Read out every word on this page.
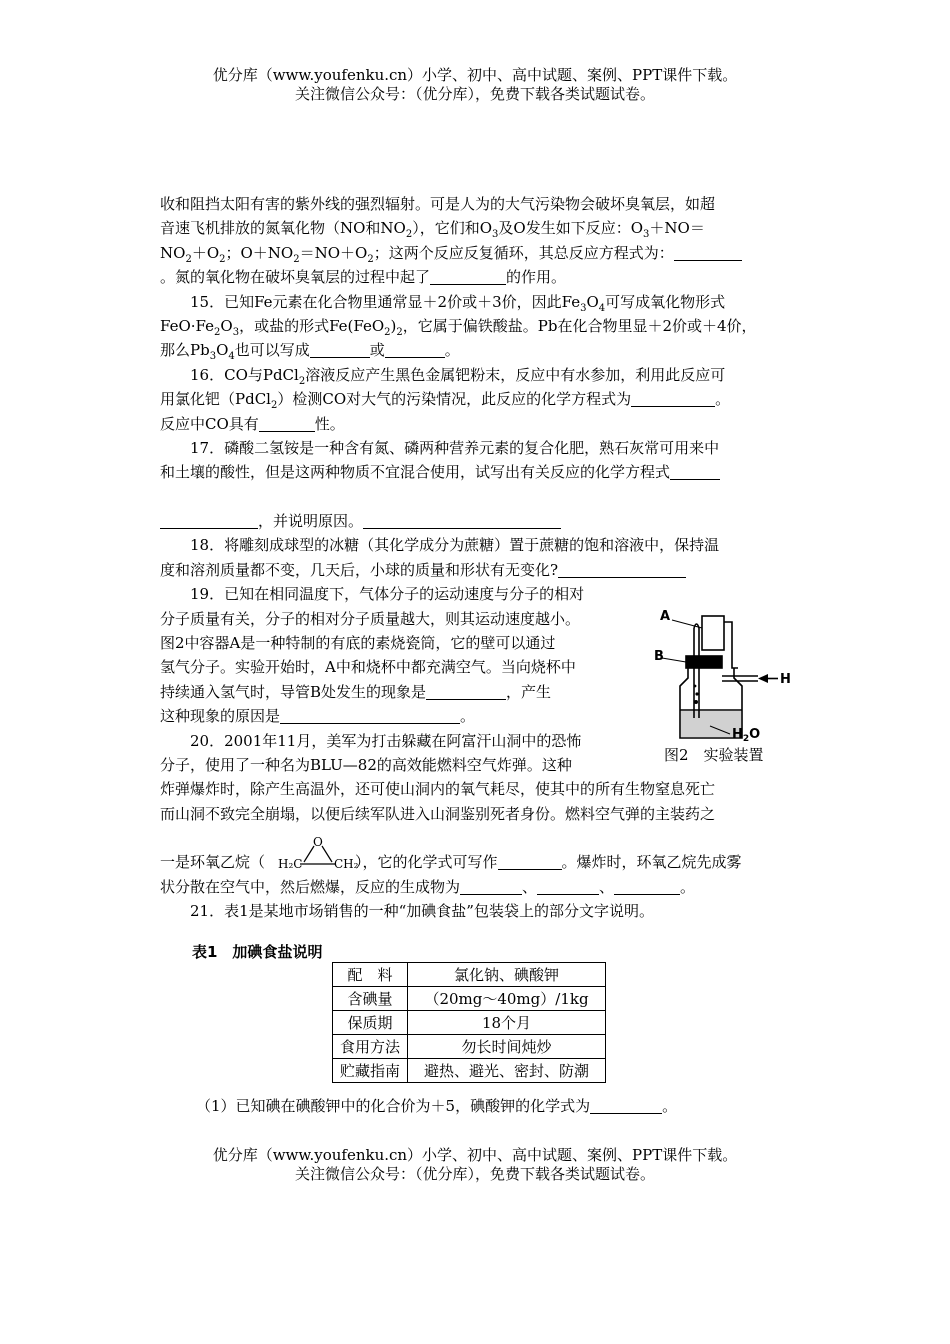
优分库（www.youfenku.cn）小学、初中、高中试题、案例、PPT课件下载。
关注微信公众号：（优分库），免费下载各类试题试卷。

收和阻挡太阳有害的紫外线的强烈辐射。可是人为的大气污染物会破坏臭氧层，如超

音速飞机排放的氮氧化物（NO和$NO_2$），它们和$O_3$及O发生如下反应：$O_3+NO=$

$NO_2+O_2$；$O+NO_2=NO+O_2$；这两个反应反复循环，其总反应方程式为：

。氮的氧化物在破坏臭氧层的过程中起了	的作用。

15．已知Fe元素在化合物里通常显＋2价或＋3价，因此$Fe_3O_4$可写成氧化物形式

$FeO\cdot Fe_2O_3$，或盐的形式$Fe(FeO_2)_2$，它属于偏铁酸盐。Pb在化合物里显＋2价或＋4价，

那么$Pb_3O_4$也可以写成	或	。

16．CO与PdCl$_2$溶液反应产生黑色金属钯粉末，反应中有水参加，利用此反应可

用氯化钯（PdCl$_2$）检测CO对大气的污染情况，此反应的化学方程式为	。

反应中CO具有	性。

17．磷酸二氢铵是一种含有氮、磷两种营养元素的复合化肥，熟石灰常可用来中

和土壤的酸性，但是这两种物质不宜混合使用，试写出有关反应的化学方程式

，并说明原因。

18．将雕刻成球型的冰糖（其化学成分为蔗糖）置于蔗糖的饱和溶液中，保持温

度和溶剂质量都不变，几天后，小球的质量和形状有无变化?

19．已知在相同温度下，气体分子的运动速度与分子的相对

分子质量有关，分子的相对分子质量越大，则其运动速度越小。

图2中容器A是一种特制的有底的素烧瓷筒，它的壁可以通过

氢气分子。实验开始时，A中和烧杯中都充满空气。当向烧杯中

持续通入氢气时，导管B处发生的现象是	，产生

这种现象的原因是	。

20．2001年11月，美军为打击躲藏在阿富汗山洞中的恐怖

分子，使用了一种名为BLU—82的高效能燃料空气炸弹。这种

炸弹爆炸时，除产生高温外，还可使山洞内的氧气耗尽，使其中的所有生物窒息死亡

而山洞不致完全崩塌，以便后续军队进入山洞鉴别死者身份。燃料空气弹的主装药之

一是环氧乙烷（	），它的化学式可写作	。爆炸时，环氧乙烷先成雾

状分散在空气中，然后燃爆，反应的生成物为	、	、	。

21．表1是某地市场销售的一种“加碘食盐”包装袋上的部分文字说明。

A
B
H
$H_2O$
图2　实验装置
O
H₂C	CH₂
表1　加碘食盐说明
配　料	氯化钠、碘酸钾
含碘量	（20mg～40mg）/1kg
保质期	18个月
食用方法	勿长时间炖炒
贮藏指南	避热、避光、密封、防潮
（1）已知碘在碘酸钾中的化合价为＋5，碘酸钾的化学式为	。
优分库（www.youfenku.cn）小学、初中、高中试题、案例、PPT课件下载。
关注微信公众号：（优分库），免费下载各类试题试卷。
